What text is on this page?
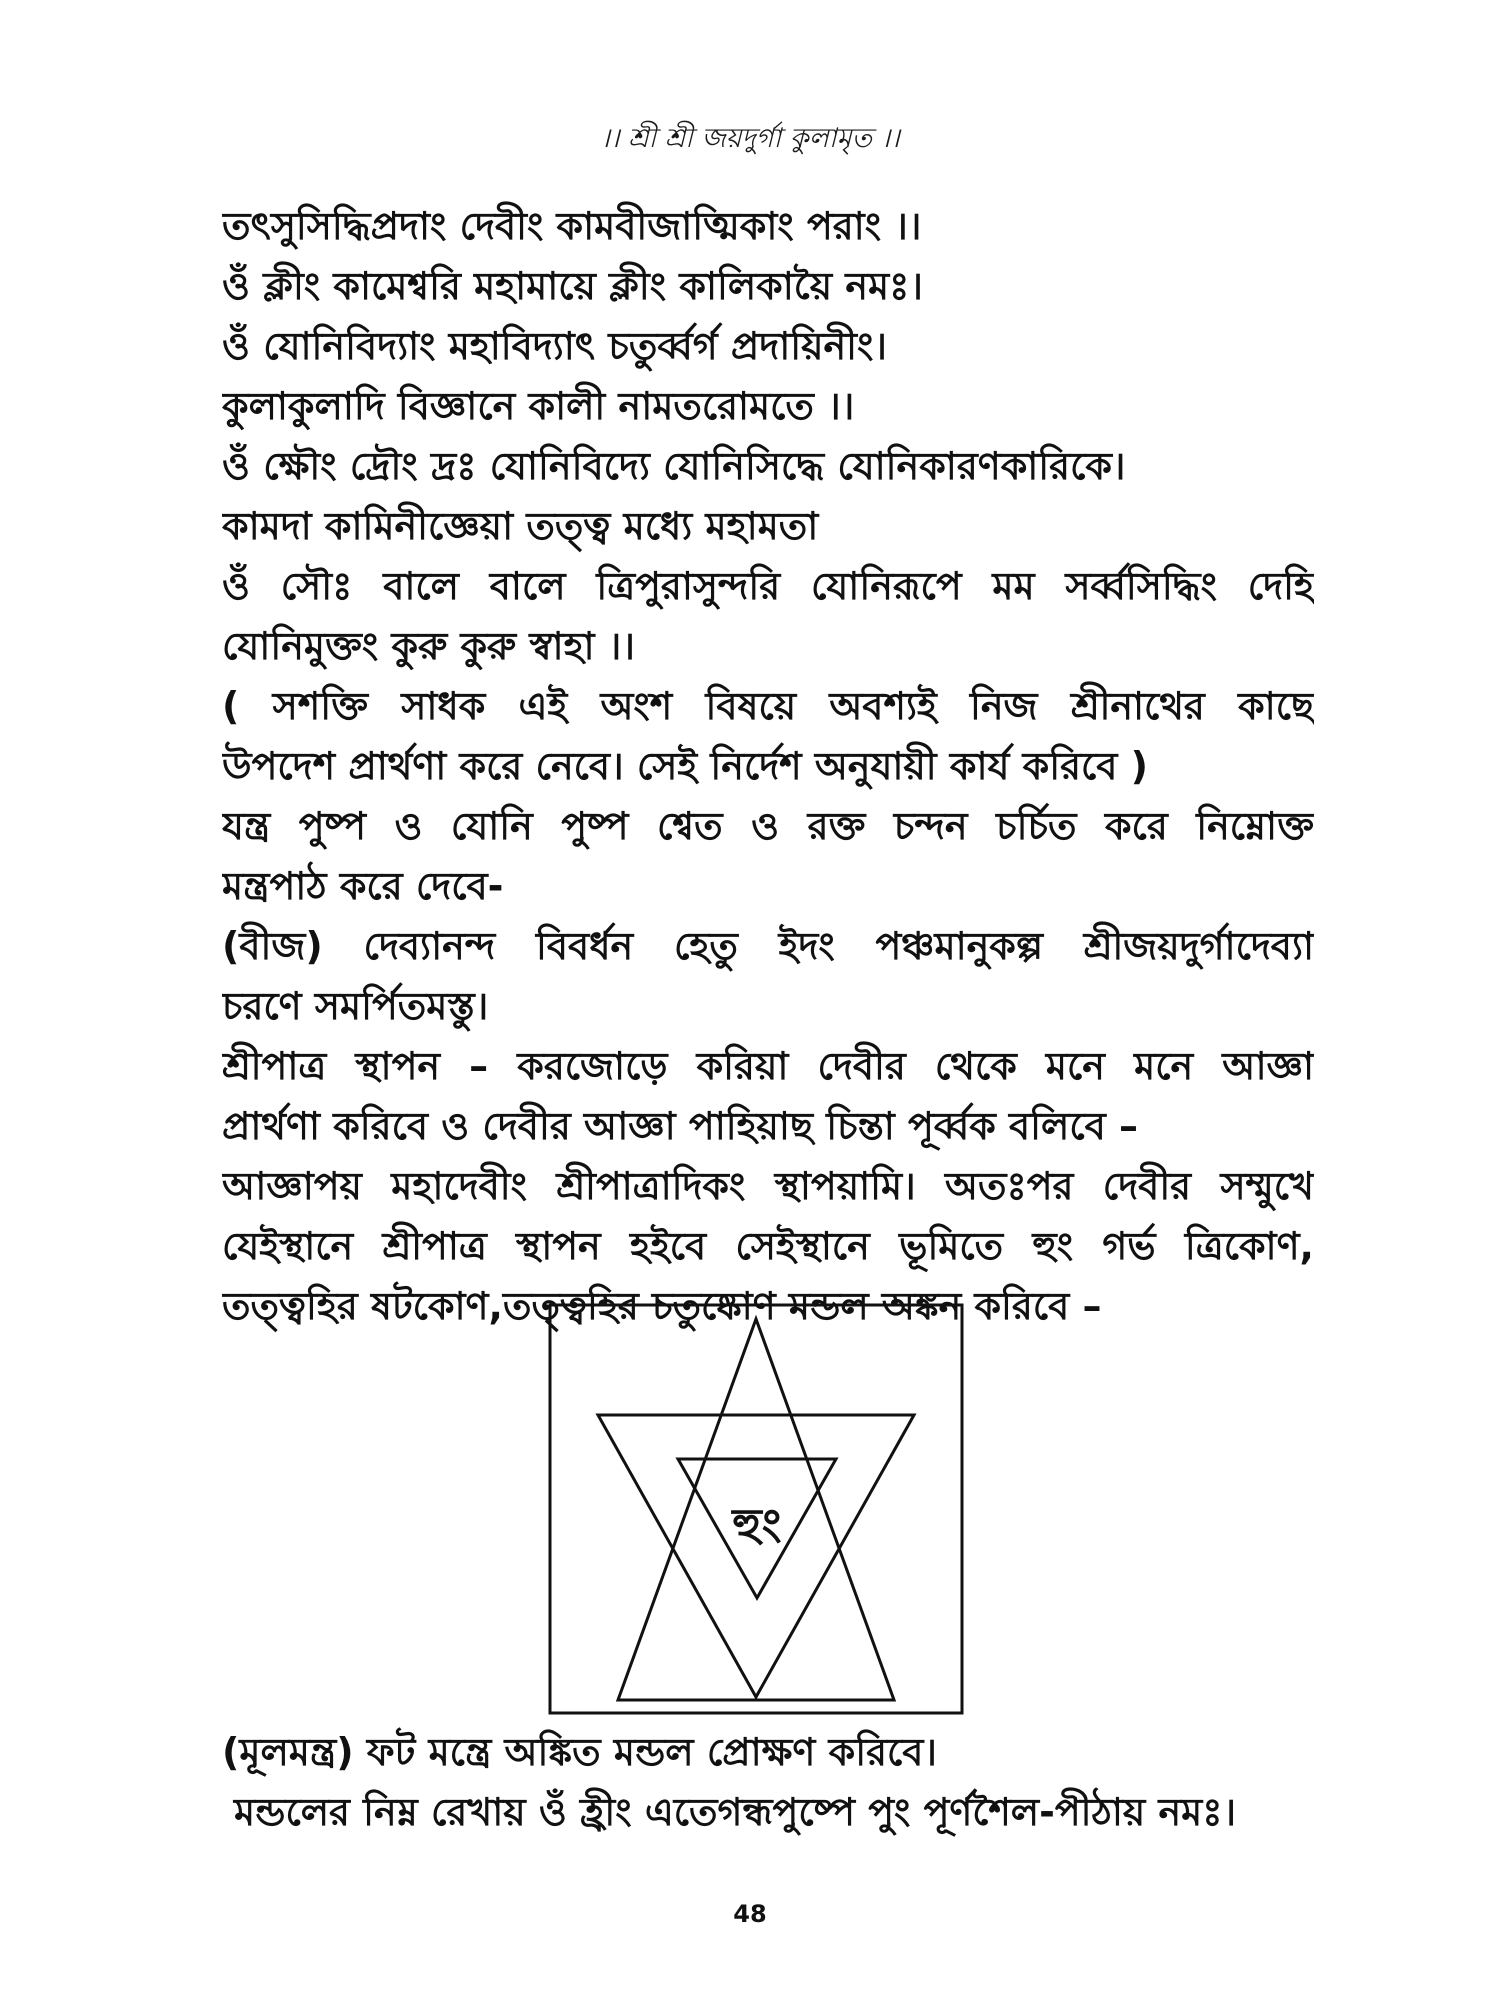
।। শ্রী শ্রী জয়দুর্গা কুলামৃত ।।
তৎসুসিদ্ধিপ্রদাং দেবীং কামবীজাত্মিকাং পরাং ।।
ওঁ ক্লীং কামেশ্বরি মহামায়ে ক্লীং কালিকায়ৈ নমঃ।
ওঁ যোনিবিদ্যাং মহাবিদ্যাৎ চতুর্ব্বর্গ প্রদায়িনীং।
কুলাকুলাদি বিজ্ঞানে কালী নামতরোমতে ।।
ওঁ ক্ষৌং দ্রৌং দ্রঃ যোনিবিদ্যে যোনিসিদ্ধে যোনিকারণকারিকে।
কামদা কামিনীজ্ঞেয়া তত্ত্ব মধ্যে মহামতা
ওঁ সৌঃ বালে বালে ত্রিপুরাসুন্দরি যোনিরূপে মম সর্ব্বসিদ্ধিং দেহি
যোনিমুক্তং কুরু কুরু স্বাহা ।।
( সশক্তি সাধক এই অংশ বিষয়ে অবশ্যই নিজ শ্রীনাথের কাছে
উপদেশ প্রার্থণা করে নেবে। সেই নির্দেশ অনুযায়ী কার্য করিবে )
যন্ত্র পুষ্প ও যোনি পুষ্প শ্বেত ও রক্ত চন্দন চর্চিত করে নিম্নোক্ত
মন্ত্রপাঠ করে দেবে-
(বীজ) দেব্যানন্দ বিবর্ধন হেতু ইদং পঞ্চমানুকল্প শ্রীজয়দুর্গাদেব্যা
চরণে সমর্পিতমস্তু।
শ্রীপাত্র স্থাপন – করজোড়ে করিয়া দেবীর থেকে মনে মনে আজ্ঞা
প্রার্থণা করিবে ও দেবীর আজ্ঞা পাহিয়াছ চিন্তা পূর্ব্বক বলিবে –
আজ্ঞাপয় মহাদেবীং শ্রীপাত্রাদিকং স্থাপয়ামি। অতঃপর দেবীর সম্মুখে
যেইস্থানে শ্রীপাত্র স্থাপন হইবে সেইস্থানে ভূমিতে হুং গর্ভ ত্রিকোণ,
তত্ত্বহির ষটকোণ,তত্ত্বহির চতুষ্কোণ মন্ডল অঙ্কন করিবে –
হুং
(মূলমন্ত্র) ফট মন্ত্রে অঙ্কিত মন্ডল প্রোক্ষণ করিবে।
মন্ডলের নিম্ন রেখায় ওঁ হ্রীং এতেগন্ধপুষ্পে পুং পূর্ণশৈল-পীঠায় নমঃ।
48
